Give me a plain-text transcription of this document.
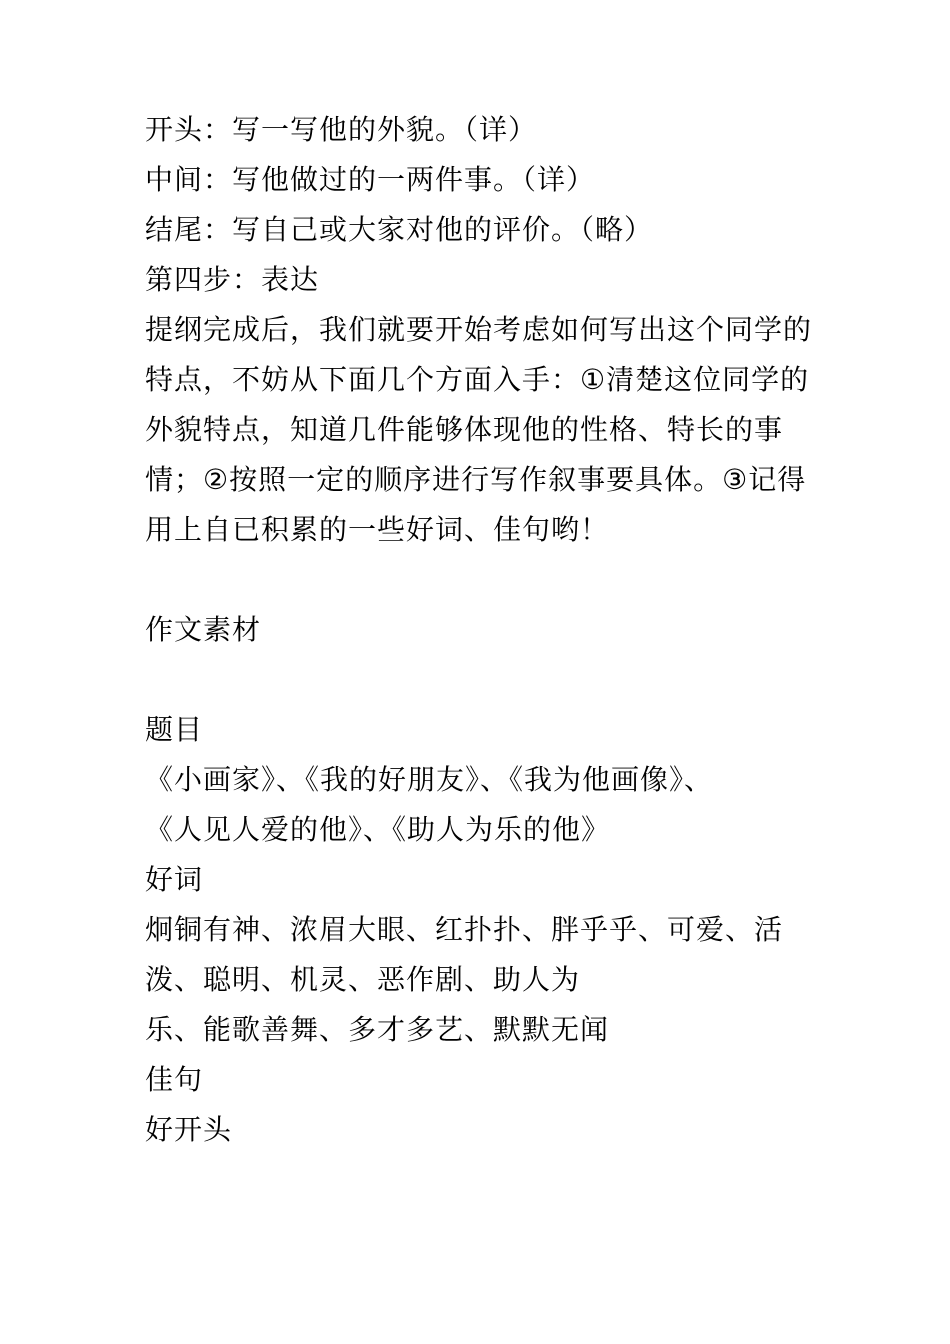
开头：写一写他的外貌。（详）
中间：写他做过的一两件事。（详）
结尾：写自己或大家对他的评价。（略）
第四步：表达

提纲完成后，我们就要开始考虑如何写出这个同学的特点，不妨从下面几个方面入手：①清楚这位同学的外貌特点，知道几件能够体现他的性格、特长的事情；②按照一定的顺序进行写作叙事要具体。③记得用上自已积累的一些好词、佳句哟！

作文素材
题目
《小画家》、《我的好朋友》、《我为他画像》、
《人见人爱的他》、《助人为乐的他》
好词
炯铜有神、浓眉大眼、红扑扑、胖乎乎、可爱、活
泼、聪明、机灵、恶作剧、助人为
乐、能歌善舞、多才多艺、默默无闻
佳句
好开头
